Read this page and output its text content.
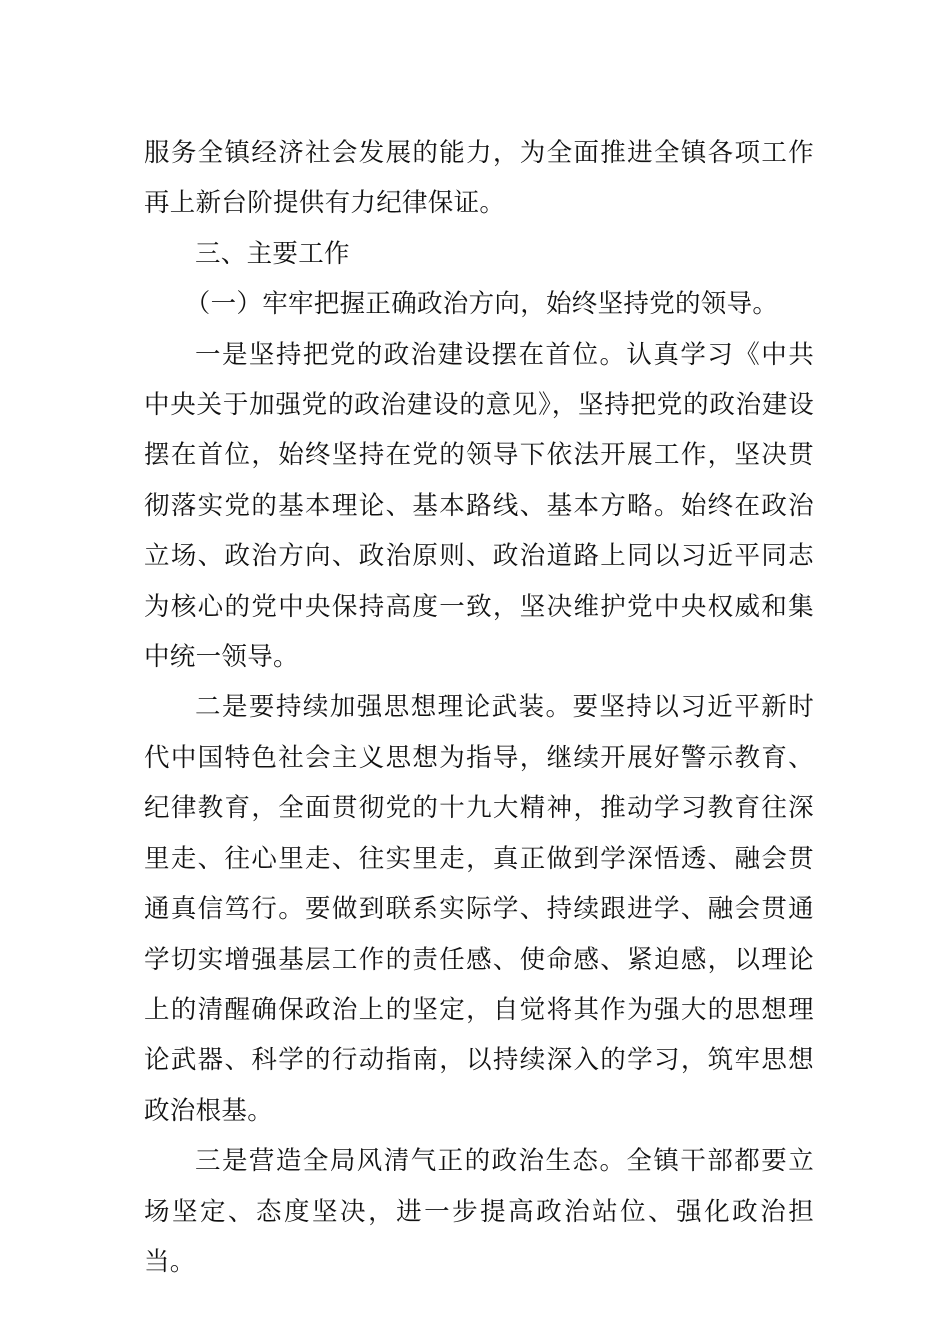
服务全镇经济社会发展的能力，为全面推进全镇各项工作再上新台阶提供有力纪律保证。

三、主要工作

（一）牢牢把握正确政治方向，始终坚持党的领导。

一是坚持把党的政治建设摆在首位。认真学习《中共中央关于加强党的政治建设的意见》，坚持把党的政治建设摆在首位，始终坚持在党的领导下依法开展工作，坚决贯彻落实党的基本理论、基本路线、基本方略。始终在政治立场、政治方向、政治原则、政治道路上同以习近平同志为核心的党中央保持高度一致，坚决维护党中央权威和集中统一领导。

二是要持续加强思想理论武装。要坚持以习近平新时代中国特色社会主义思想为指导，继续开展好警示教育、纪律教育，全面贯彻党的十九大精神，推动学习教育往深里走、往心里走、往实里走，真正做到学深悟透、融会贯通真信笃行。要做到联系实际学、持续跟进学、融会贯通学切实增强基层工作的责任感、使命感、紧迫感，以理论上的清醒确保政治上的坚定，自觉将其作为强大的思想理论武器、科学的行动指南，以持续深入的学习，筑牢思想政治根基。

三是营造全局风清气正的政治生态。全镇干部都要立场坚定、态度坚决，进一步提高政治站位、强化政治担当。
